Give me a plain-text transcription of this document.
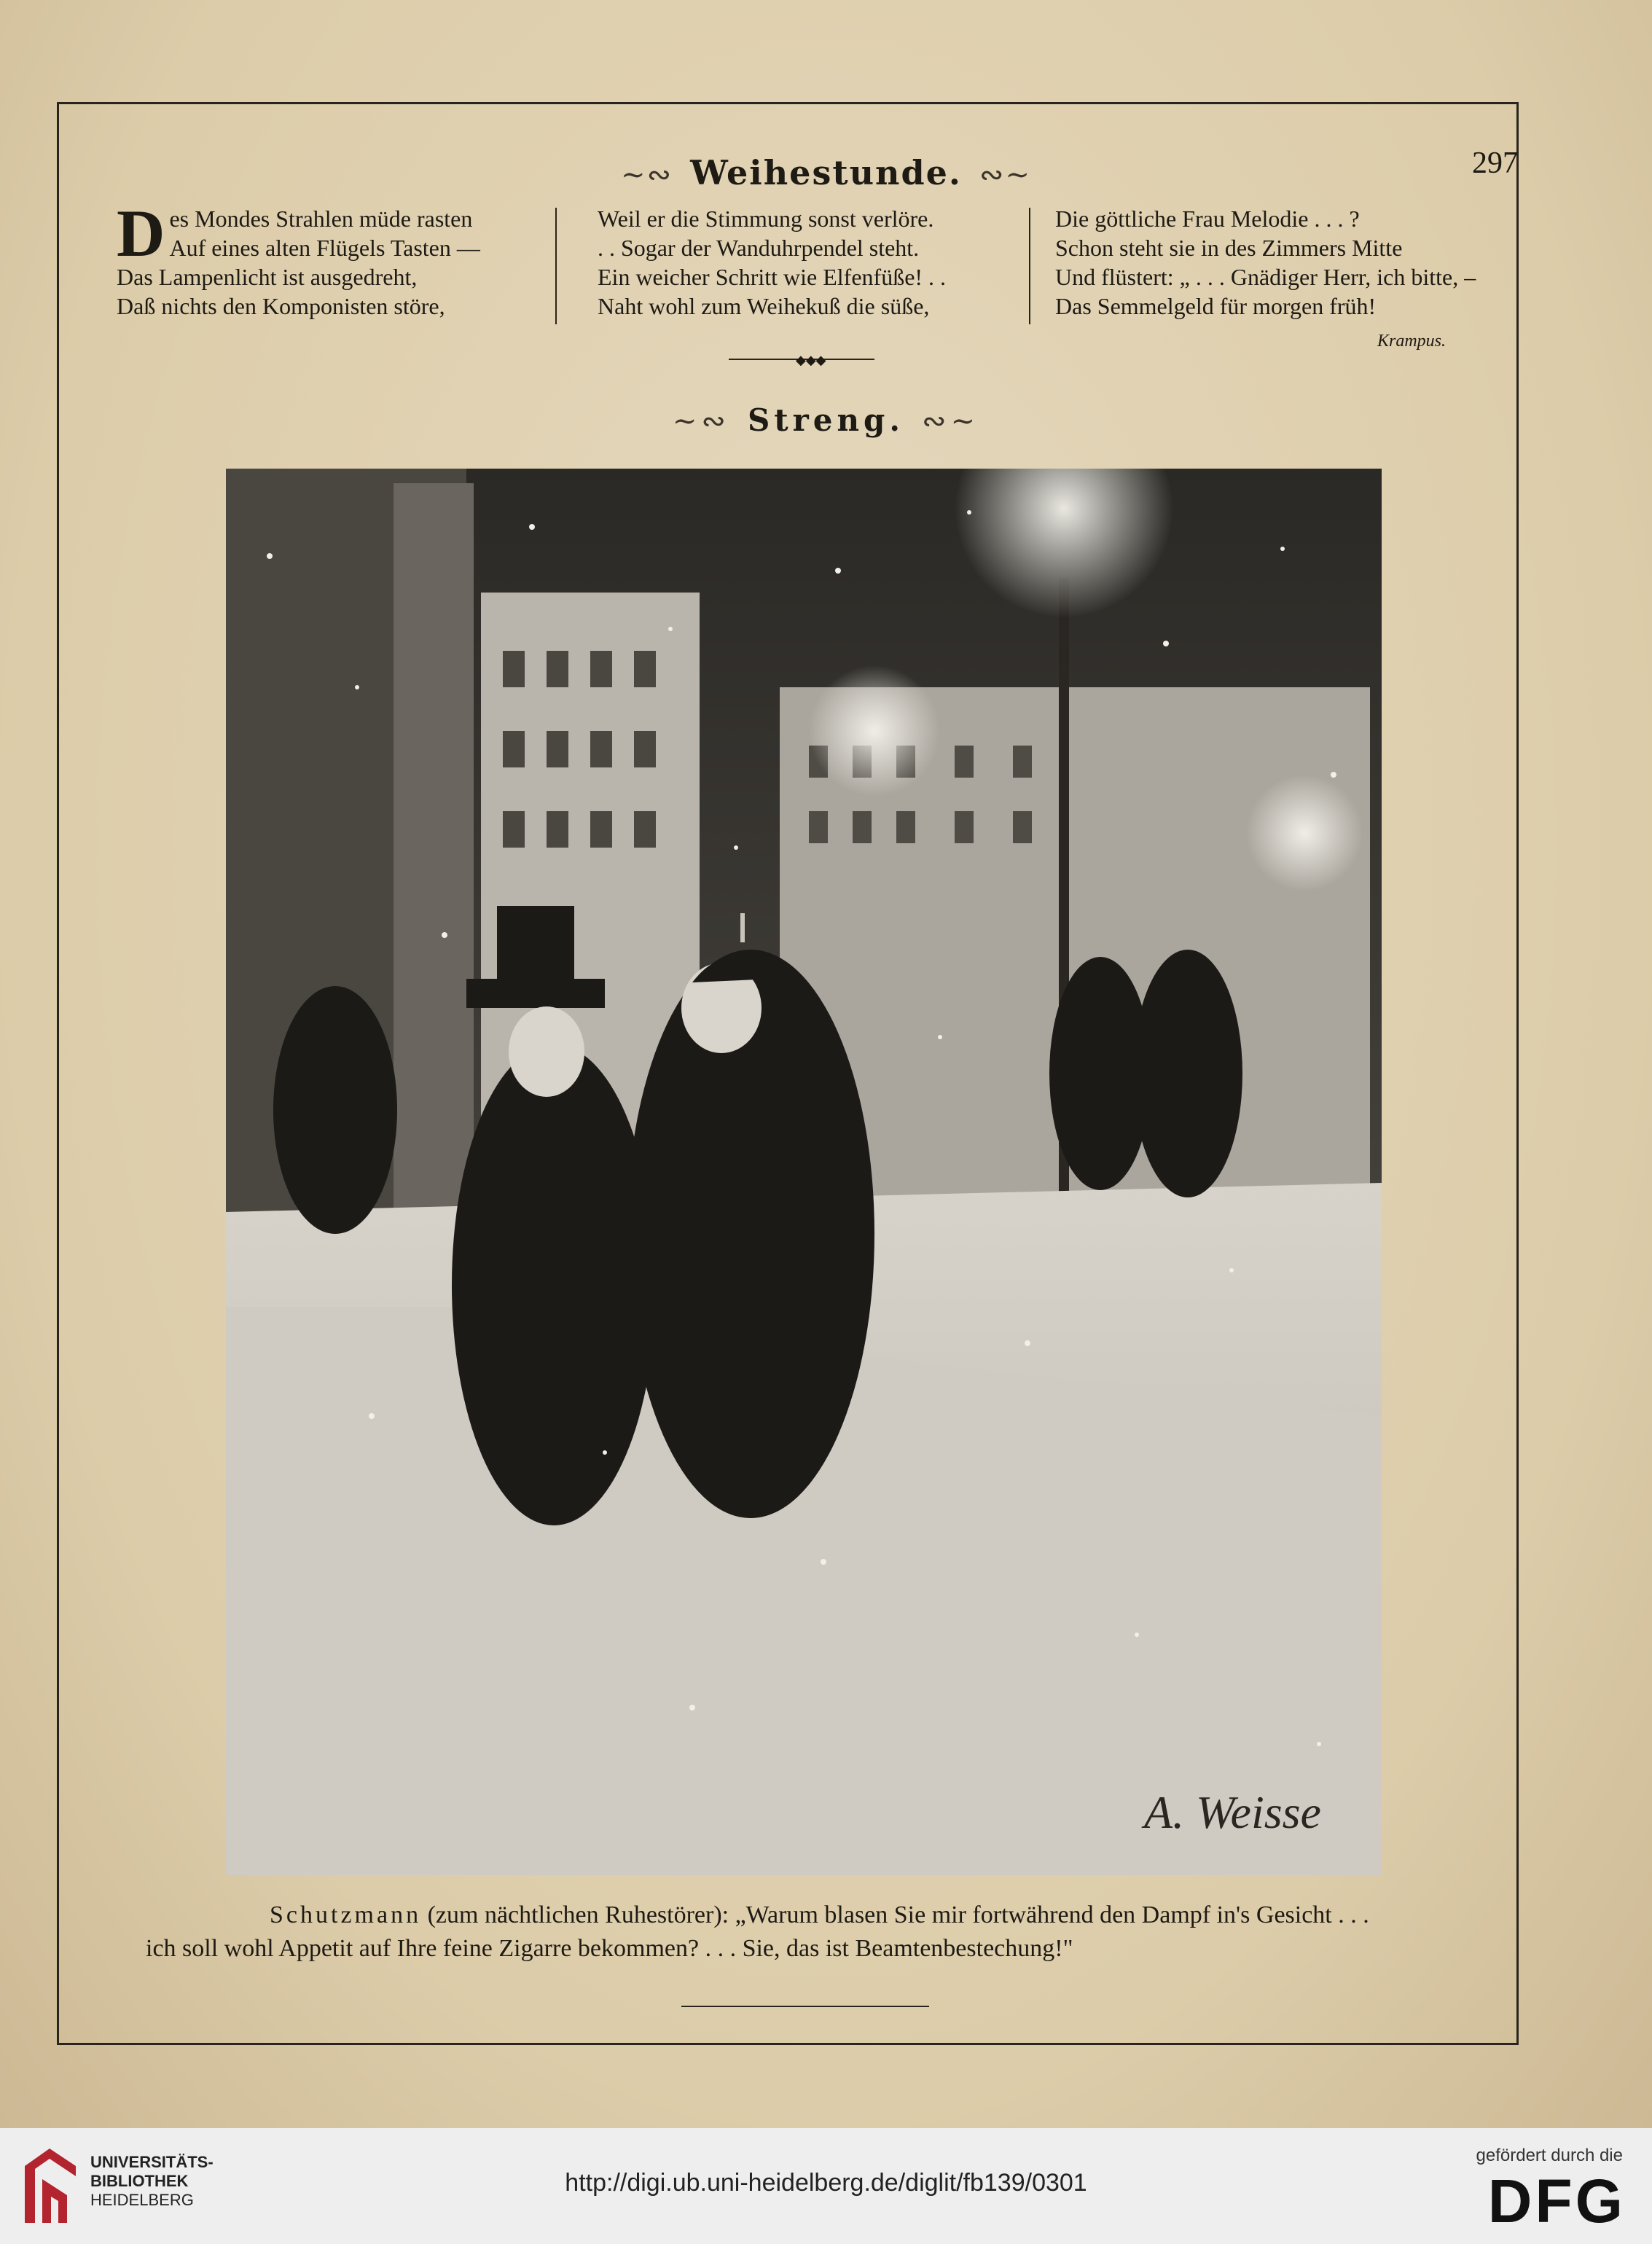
297
∼∾ Weihestunde. ∾∼
D es Mondes Strahlen müde rasten
Auf eines alten Flügels Tasten —
Das Lampenlicht ist ausgedreht,
Daß nichts den Komponisten störe,
Weil er die Stimmung sonst verlöre.
. . Sogar der Wanduhrpendel steht.
Ein weicher Schritt wie Elfenfüße! . .
Naht wohl zum Weihekuß die süße,
Die göttliche Frau Melodie . . . ?
Schon steht sie in des Zimmers Mitte
Und flüstert: „ . . . Gnädiger Herr, ich bitte, –
Das Semmelgeld für morgen früh!
Krampus.
◆◆◆
∼∾ Streng. ∾∼
A. Weisse
Schutzmann (zum nächtlichen Ruhestörer): „Warum blasen Sie mir fortwährend den Dampf in's Gesicht . . .
ich soll wohl Appetit auf Ihre feine Zigarre bekommen? . . . Sie, das ist Beamtenbestechung!"
UNIVERSITÄTS-
BIBLIOTHEK
HEIDELBERG
http://digi.ub.uni-heidelberg.de/diglit/fb139/0301
gefördert durch die
DFG
